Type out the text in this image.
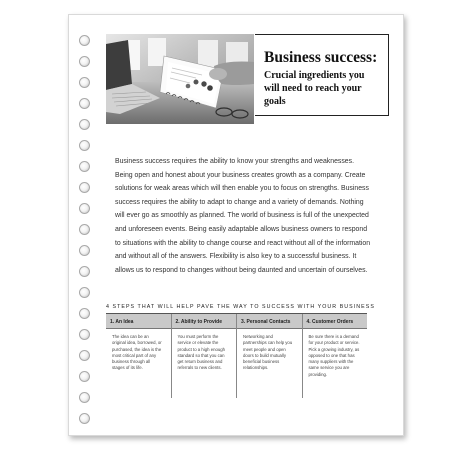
Business success:

Crucial ingredients you will need to reach your goals

Business success requires the ability to know your strengths and weaknesses. Being open and honest about your business creates growth as a company. Create solutions for weak areas which will then enable you to focus on strengths. Business success requires the ability to adapt to change and a variety of demands. Nothing will ever go as smoothly as planned. The world of business is full of the unexpected and unforeseen events. Being easily adaptable allows business owners to respond to situations with the ability to change course and react without all of the information and without all of the answers. Flexibility is also key to a successful business. It allows us to respond to changes without being daunted and uncertain of ourselves.

4 STEPS THAT WILL HELP PAVE THE WAY TO SUCCESS WITH YOUR BUSINESS
1. An Idea
The idea can be an original idea, borrowed, or purchased, the idea is the most critical part of any business through all stages of its life.
2. Ability to Provide
You must perform the service or elevate the product to a high enough standard so that you can get return business and referrals to new clients.
3. Personal Contacts
Networking and partnerships can help you meet people and open doors to build mutually beneficial business relationships.
4. Customer Orders
Be sure there is a demand for your product or service. Pick a growing industry, as opposed to one that has many suppliers with the same service you are providing.
